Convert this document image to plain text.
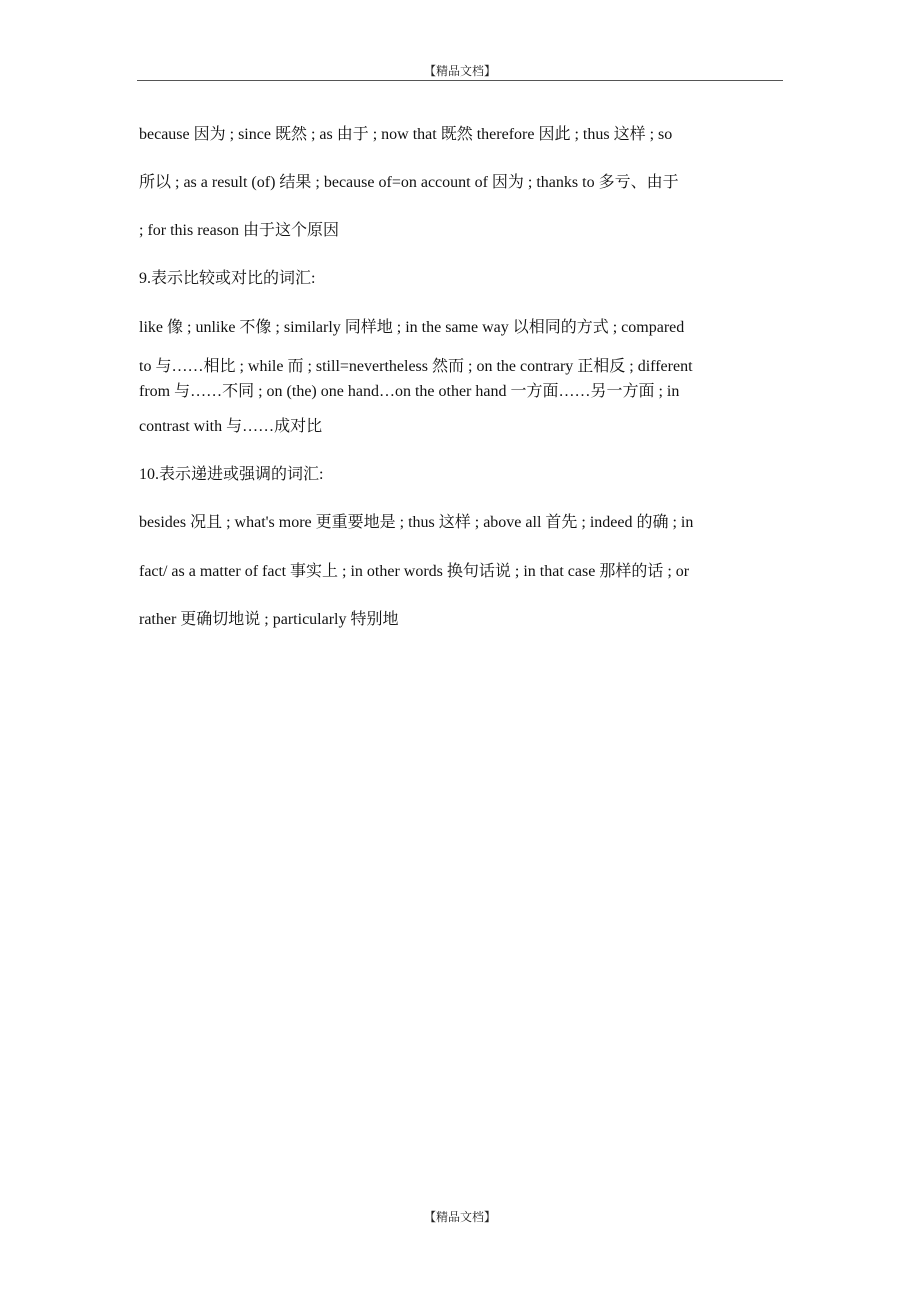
【精品文档】
because 因为 ; since 既然 ; as 由于 ; now that 既然 therefore 因此 ; thus 这样 ; so
所以 ; as a result (of) 结果 ; because of=on account of 因为 ; thanks to 多亏、由于
; for this reason 由于这个原因
9.表示比较或对比的词汇:
like 像 ; unlike 不像 ; similarly 同样地 ; in the same way 以相同的方式 ; compared
to 与……相比 ; while 而 ; still=nevertheless 然而 ; on the contrary 正相反 ; different
from 与……不同 ; on (the) one hand…on the other hand 一方面……另一方面 ; in
contrast with 与……成对比
10.表示递进或强调的词汇:
besides 况且 ; what's more 更重要地是 ; thus 这样 ; above all 首先 ; indeed 的确 ; in
fact/ as a matter of fact 事实上 ; in other words 换句话说 ; in that case 那样的话 ; or
rather 更确切地说 ; particularly 特别地
【精品文档】
